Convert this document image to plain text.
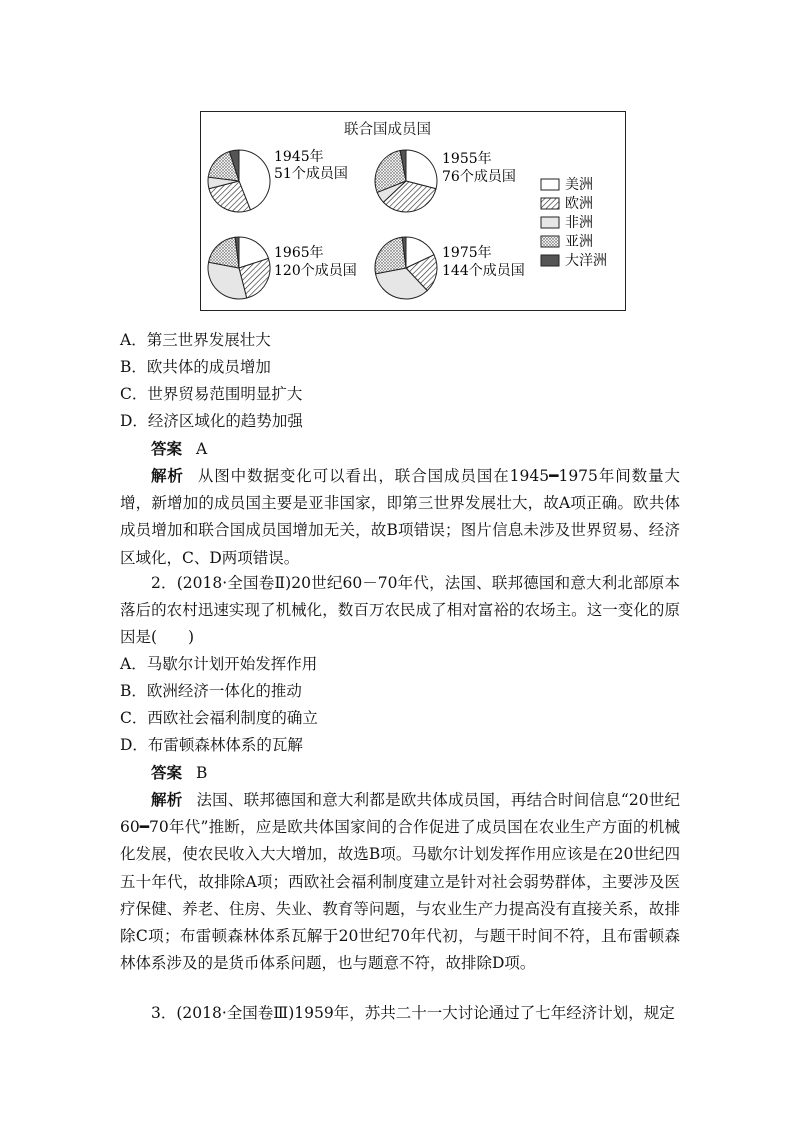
联合国成员国
1945年
51个成员国
1955年
76个成员国
1965年
120个成员国
1975年
144个成员国
美洲
欧洲
非洲
亚洲
大洋洲
A．第三世界发展壮大
B．欧共体的成员增加
C．世界贸易范围明显扩大
D．经济区域化的趋势加强
答案 A
解析 从图中数据变化可以看出，联合国成员国在1945━1975年间数量大增，新增加的成员国主要是亚非国家，即第三世界发展壮大，故A项正确。欧共体成员增加和联合国成员国增加无关，故B项错误；图片信息未涉及世界贸易、经济区域化，C、D两项错误。
2．(2018·全国卷Ⅱ)20世纪60－70年代，法国、联邦德国和意大利北部原本落后的农村迅速实现了机械化，数百万农民成了相对富裕的农场主。这一变化的原因是(　　)
A．马歇尔计划开始发挥作用
B．欧洲经济一体化的推动
C．西欧社会福利制度的确立
D．布雷顿森林体系的瓦解
答案 B
解析 法国、联邦德国和意大利都是欧共体成员国，再结合时间信息“20世纪60━70年代”推断，应是欧共体国家间的合作促进了成员国在农业生产方面的机械化发展，使农民收入大大增加，故选B项。马歇尔计划发挥作用应该是在20世纪四五十年代，故排除A项；西欧社会福利制度建立是针对社会弱势群体，主要涉及医疗保健、养老、住房、失业、教育等问题，与农业生产力提高没有直接关系，故排除C项；布雷顿森林体系瓦解于20世纪70年代初，与题干时间不符，且布雷顿森林体系涉及的是货币体系问题，也与题意不符，故排除D项。
3．(2018·全国卷Ⅲ)1959年，苏共二十一大讨论通过了七年经济计划，规定
